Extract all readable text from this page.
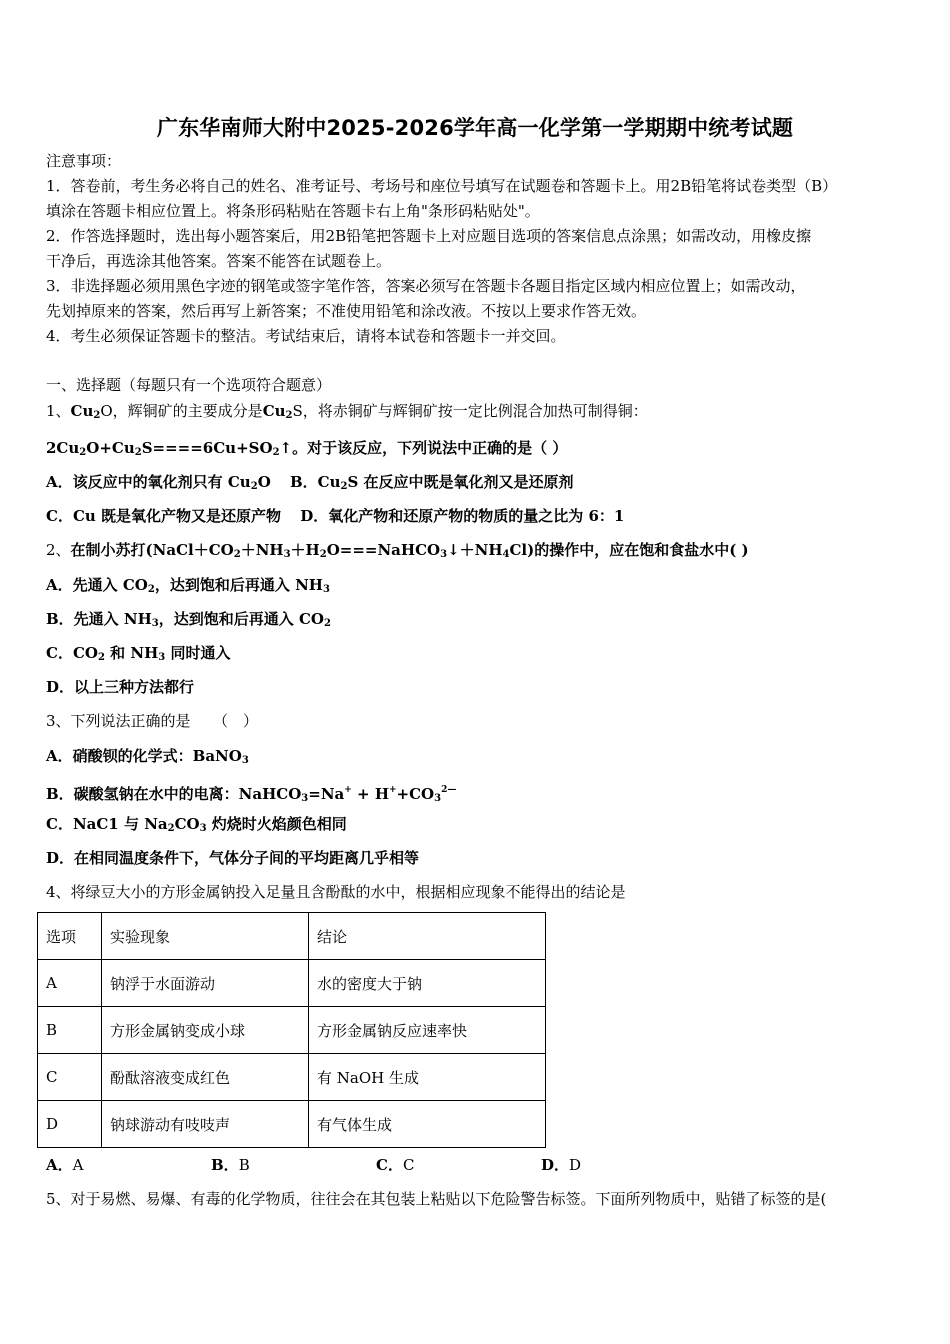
广东华南师大附中2025-2026学年高一化学第一学期期中统考试题
注意事项：
1．答卷前，考生务必将自己的姓名、准考证号、考场号和座位号填写在试题卷和答题卡上。用2B铅笔将试卷类型（B）
填涂在答题卡相应位置上。将条形码粘贴在答题卡右上角"条形码粘贴处"。
2．作答选择题时，选出每小题答案后，用2B铅笔把答题卡上对应题目选项的答案信息点涂黑；如需改动，用橡皮擦
干净后，再选涂其他答案。答案不能答在试题卷上。
3．非选择题必须用黑色字迹的钢笔或签字笔作答，答案必须写在答题卡各题目指定区域内相应位置上；如需改动，
先划掉原来的答案，然后再写上新答案；不准使用铅笔和涂改液。不按以上要求作答无效。
4．考生必须保证答题卡的整洁。考试结束后，请将本试卷和答题卡一并交回。
一、选择题（每题只有一个选项符合题意）
1、$Cu_2O$，辉铜矿的主要成分是$Cu_2S$，将赤铜矿与辉铜矿按一定比例混合加热可制得铜：
$2Cu_2O+Cu_2S====6Cu+SO_2↑$。对于该反应，下列说法中正确的是（ ）
A．该反应中的氧化剂只有 $Cu_2O$ B．$Cu_2S$ 在反应中既是氧化剂又是还原剂
C．Cu 既是氧化产物又是还原产物 D．氧化产物和还原产物的物质的量之比为 6：1
2、在制小苏打$(NaCl+CO_2+NH_3+H_2O===NaHCO_3↓+NH_4Cl)$的操作中，应在饱和食盐水中( )
A．先通入 $CO_2$，达到饱和后再通入 $NH_3$
B．先通入 $NH_3$，达到饱和后再通入 $CO_2$
C．$CO_2$ 和 $NH_3$ 同时通入
D．以上三种方法都行
3、下列说法正确的是　　（　）
A．硝酸钡的化学式：BaNO$_3$
B．碳酸氢钠在水中的电离：NaHCO$_3$=Na+ + $H^++CO_3^{2—}$
C．NaC1 与 $Na_2CO_3$ 灼烧时火焰颜色相同
D．在相同温度条件下，气体分子间的平均距离几乎相等
4、将绿豆大小的方形金属钠投入足量且含酚酞的水中，根据相应现象不能得出的结论是
选项	实验现象	结论
A	钠浮于水面游动	水的密度大于钠
B	方形金属钠变成小球	方形金属钠反应速率快
C	酚酞溶液变成红色	有 NaOH 生成
D	钠球游动有吱吱声	有气体生成
A．A	B．B	C．C	D．D
5、对于易燃、易爆、有毒的化学物质，往往会在其包装上粘贴以下危险警告标签。下面所列物质中，贴错了标签的是(
